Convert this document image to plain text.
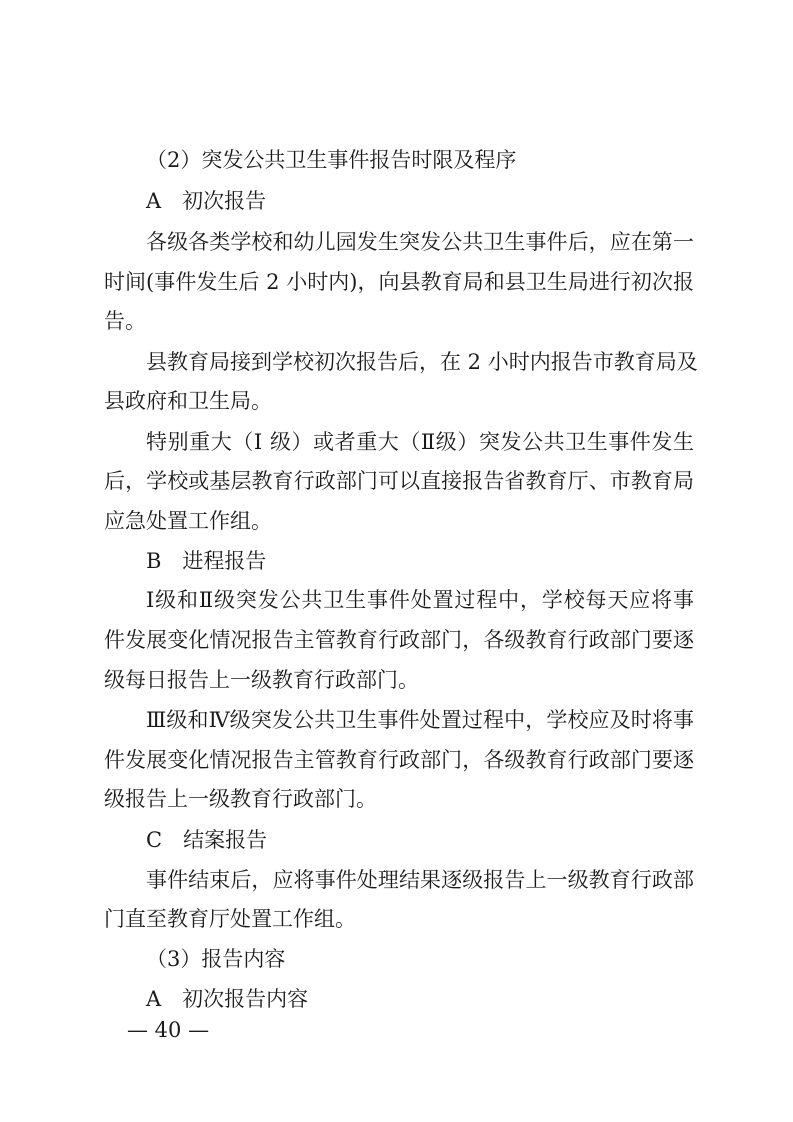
（2）突发公共卫生事件报告时限及程序
A　初次报告
各级各类学校和幼儿园发生突发公共卫生事件后，应在第一
时间(事件发生后 2 小时内)，向县教育局和县卫生局进行初次报
告。
县教育局接到学校初次报告后，在 2 小时内报告市教育局及
县政府和卫生局。
特别重大（Ⅰ 级）或者重大（Ⅱ级）突发公共卫生事件发生
后，学校或基层教育行政部门可以直接报告省教育厅、市教育局
应急处置工作组。
B　进程报告
Ⅰ级和Ⅱ级突发公共卫生事件处置过程中，学校每天应将事
件发展变化情况报告主管教育行政部门，各级教育行政部门要逐
级每日报告上一级教育行政部门。
Ⅲ级和Ⅳ级突发公共卫生事件处置过程中，学校应及时将事
件发展变化情况报告主管教育行政部门，各级教育行政部门要逐
级报告上一级教育行政部门。
C　结案报告
事件结束后，应将事件处理结果逐级报告上一级教育行政部
门直至教育厅处置工作组。
（3）报告内容
A　初次报告内容
— 40 —
